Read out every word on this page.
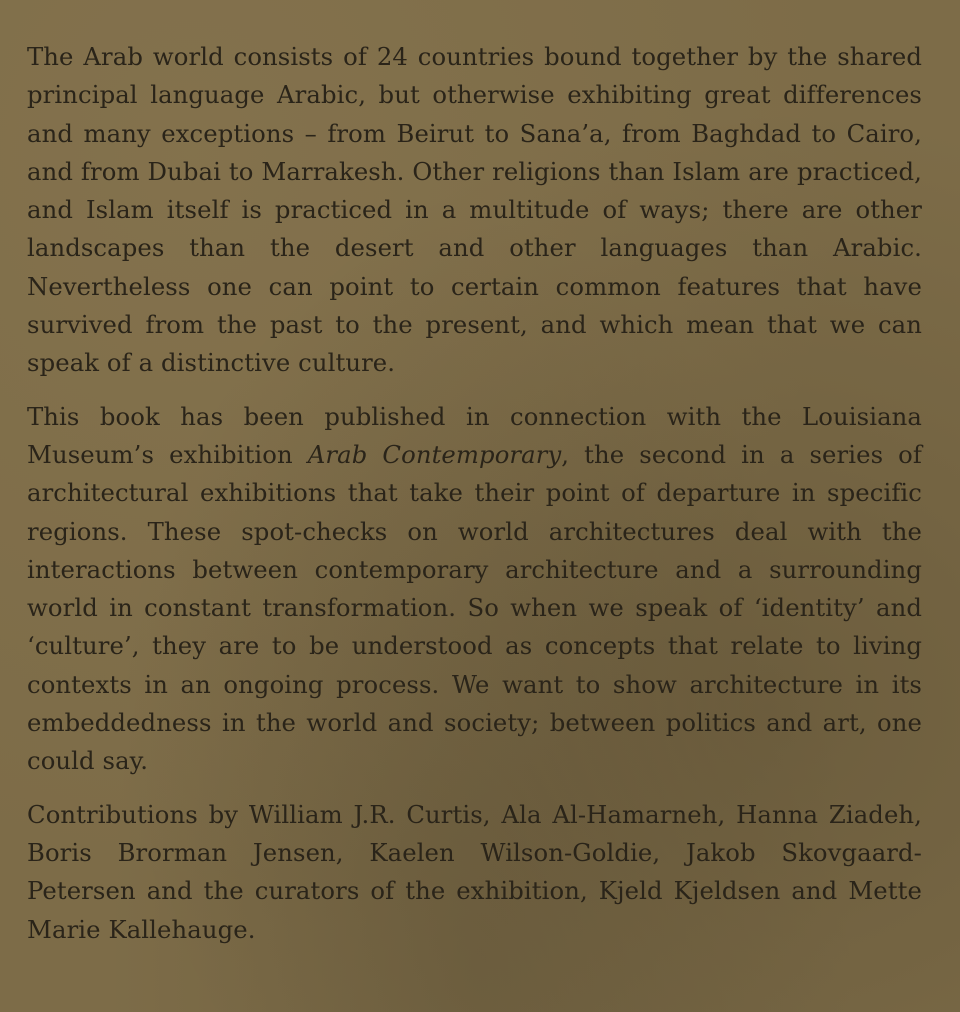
The Arab world consists of 24 countries bound together by the shared principal language Arabic, but otherwise exhibiting great differences and many exceptions – from Beirut to Sana’a, from Baghdad to Cairo, and from Dubai to Marrakesh. Other religions than Islam are practiced, and Islam itself is practiced in a multitude of ways; there are other landscapes than the desert and other languages than Arabic. Nevertheless one can point to certain common features that have survived from the past to the present, and which mean that we can speak of a distinctive culture.

This book has been published in connection with the Louisiana Museum’s exhibition Arab Contemporary, the second in a series of architectural exhibitions that take their point of departure in specific regions. These spot-checks on world architectures deal with the interactions between contemporary architecture and a surrounding world in constant transformation. So when we speak of ‘identity’ and ‘culture’, they are to be understood as concepts that relate to living contexts in an ongoing process. We want to show architecture in its embeddedness in the world and society; between politics and art, one could say.

Contributions by William J.R. Curtis, Ala Al-Hamarneh, Hanna Ziadeh, Boris Brorman Jensen, Kaelen Wilson-Goldie, Jakob Skovgaard-Petersen and the curators of the exhibition, Kjeld Kjeldsen and Mette Marie Kallehauge.
